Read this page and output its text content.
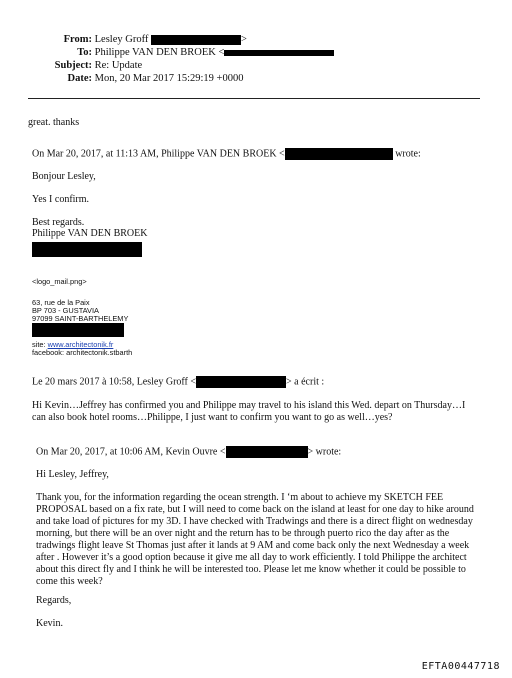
From: Lesley Groff	>
To: Philippe VAN DEN BROEK <
Subject: Re: Update
Date: Mon, 20 Mar 2017 15:29:19 +0000
great. thanks
On Mar 20, 2017, at 11:13 AM, Philippe VAN DEN BROEK <	wrote:
Bonjour Lesley,
Yes I confirm.
Best regards.
Philippe VAN DEN BROEK
<logo_mail.png>
63, rue de la Paix
BP 703 - GUSTAVIA
97099 SAINT-BARTHELEMY
site: www.architectonik.fr
facebook: architectonik.stbarth
Le 20 mars 2017 à 10:58, Lesley Groff <	> a écrit :
Hi Kevin…Jeffrey has confirmed you and Philippe may travel to his island this Wed. depart on Thursday…I can also book hotel rooms…Philippe, I just want to confirm you want to go as well…yes?
On Mar 20, 2017, at 10:06 AM, Kevin Ouvre <	> wrote:
Hi Lesley, Jeffrey,
Thank you, for the information regarding the ocean strength. I ‘m about to achieve my SKETCH FEE PROPOSAL based on a fix rate, but I will need to come back on the island at least for one day to hike around and take load of pictures for my 3D. I have checked with Tradwings and there is a direct flight on wednesday morning, but there will be an over night and the return has to be through puerto rico the day after as the tradwings flight leave St Thomas just after it lands at 9 AM and come back only the next Wednesday a week after . However it’s a good option because it give me all day to work efficiently. I told Philippe the architect about this direct fly and I think he will be interested too. Please let me know whether it could be possible to come this week?
Regards,
Kevin.
EFTA00447718
